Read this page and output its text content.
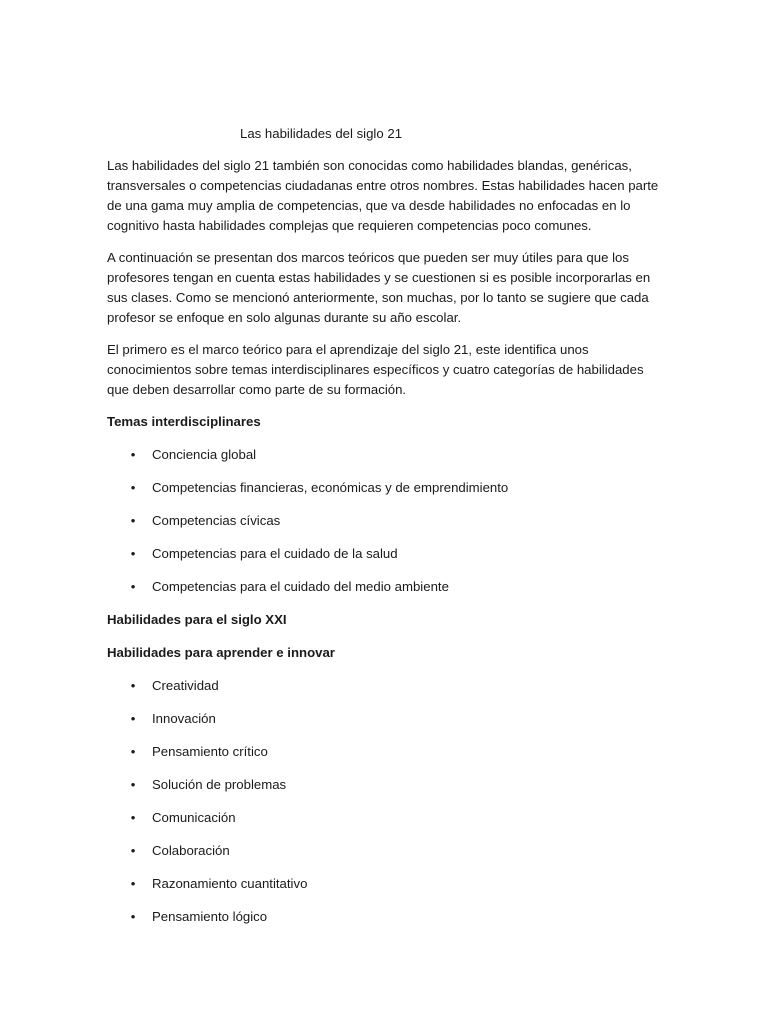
Las habilidades del siglo 21

Las habilidades del siglo 21 también son conocidas como habilidades blandas, genéricas, transversales o competencias ciudadanas entre otros nombres. Estas habilidades hacen parte de una gama muy amplia de competencias, que va desde habilidades no enfocadas en lo cognitivo hasta habilidades complejas que requieren competencias poco comunes.

A continuación se presentan dos marcos teóricos que pueden ser muy útiles para que los profesores tengan en cuenta estas habilidades y se cuestionen si es posible incorporarlas en sus clases. Como se mencionó anteriormente, son muchas, por lo tanto se sugiere que cada profesor se enfoque en solo algunas durante su año escolar.

El primero es el marco teórico para el aprendizaje del siglo 21, este identifica unos conocimientos sobre temas interdisciplinares específicos y cuatro categorías de habilidades que deben desarrollar como parte de su formación.

Temas interdisciplinares
• Conciencia global
• Competencias financieras, económicas y de emprendimiento
• Competencias cívicas
• Competencias para el cuidado de la salud
• Competencias para el cuidado del medio ambiente
Habilidades para el siglo XXI
Habilidades para aprender e innovar
• Creatividad
• Innovación
• Pensamiento crítico
• Solución de problemas
• Comunicación
• Colaboración
• Razonamiento cuantitativo
• Pensamiento lógico
